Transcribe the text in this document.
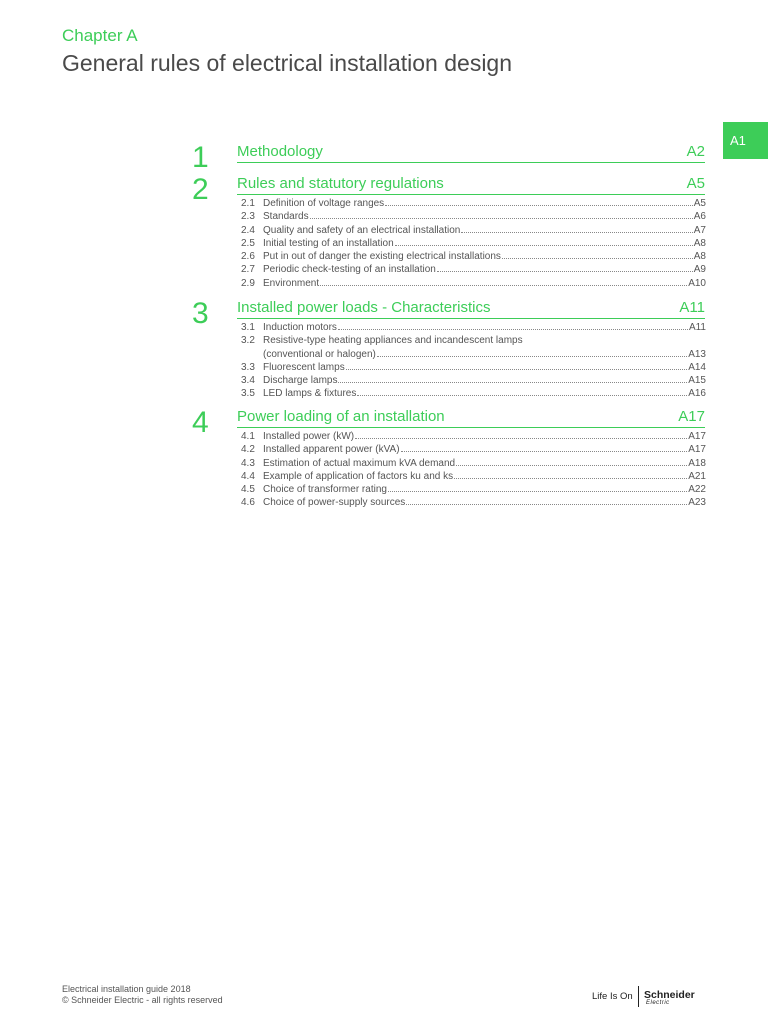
Chapter A
General rules of electrical installation design
A1
1 Methodology	A2
2 Rules and statutory regulations	A5
2.1 Definition of voltage ranges	A5
2.3 Standards	A6
2.4 Quality and safety of an electrical installation	A7
2.5 Initial testing of an installation	A8
2.6 Put in out of danger the existing electrical installations	A8
2.7 Periodic check-testing of an installation	A9
2.9 Environment	A10
3 Installed power loads - Characteristics	A11
3.1 Induction motors	A11
3.2 Resistive-type heating appliances and incandescent lamps
(conventional or halogen)	A13
3.3 Fluorescent lamps	A14
3.4 Discharge lamps	A15
3.5 LED lamps & fixtures	A16
4 Power loading of an installation	A17
4.1 Installed power (kW)	A17
4.2 Installed apparent power (kVA)	A17
4.3 Estimation of actual maximum kVA demand	A18
4.4 Example of application of factors ku and ks	A21
4.5 Choice of transformer rating	A22
4.6 Choice of power-supply sources	A23
Electrical installation guide 2018
© Schneider Electric - all rights reserved	Life Is On Schneider
Electric
